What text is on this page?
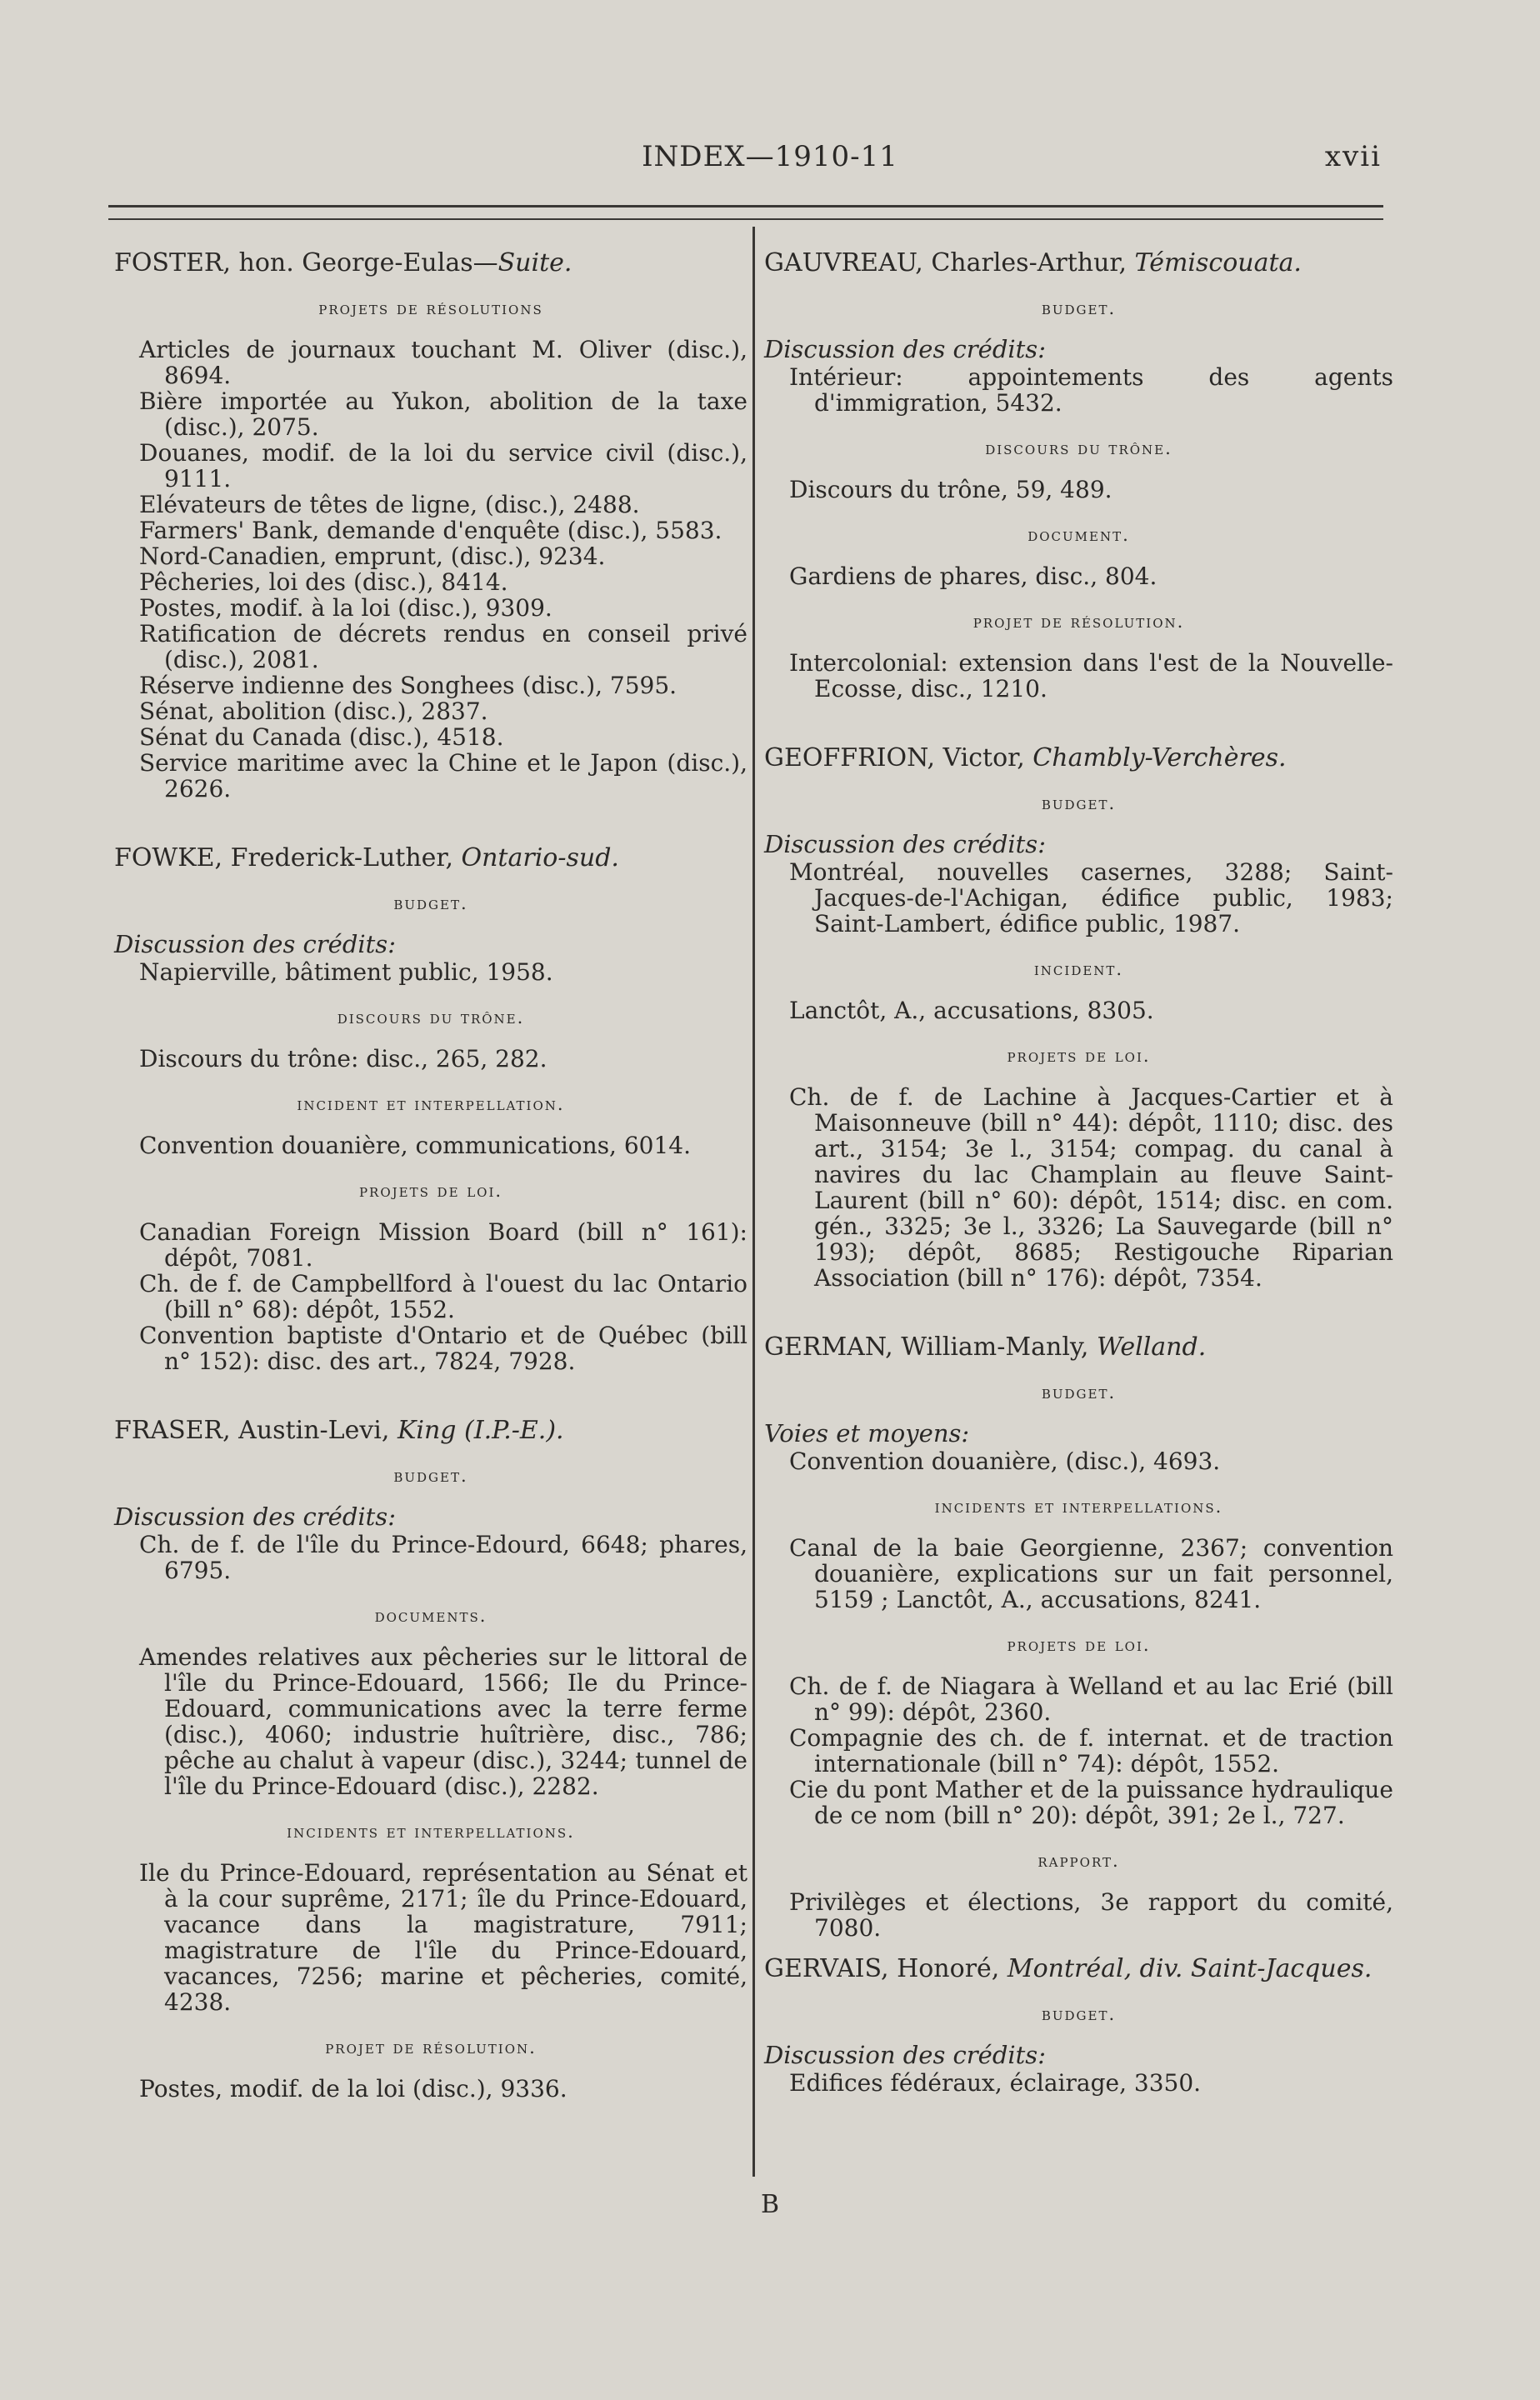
INDEX—1910-11	xvii
FOSTER, hon. George-Eulas—Suite.
projets de résolutions

Articles de journaux touchant M. Oliver (disc.), 8694.

Bière importée au Yukon, abolition de la taxe (disc.), 2075.

Douanes, modif. de la loi du service civil (disc.), 9111.

Elévateurs de têtes de ligne, (disc.), 2488.

Farmers' Bank, demande d'enquête (disc.), 5583.

Nord-Canadien, emprunt, (disc.), 9234.

Pêcheries, loi des (disc.), 8414.

Postes, modif. à la loi (disc.), 9309.

Ratification de décrets rendus en conseil privé (disc.), 2081.

Réserve indienne des Songhees (disc.), 7595.

Sénat, abolition (disc.), 2837.

Sénat du Canada (disc.), 4518.

Service maritime avec la Chine et le Japon (disc.), 2626.

FOWKE, Frederick-Luther, Ontario-sud.
budget.
Discussion des crédits:

Napierville, bâtiment public, 1958.

discours du trône.

Discours du trône: disc., 265, 282.

incident et interpellation.

Convention douanière, communications, 6014.

projets de loi.

Canadian Foreign Mission Board (bill n° 161): dépôt, 7081.

Ch. de f. de Campbellford à l'ouest du lac Ontario (bill n° 68): dépôt, 1552.

Convention baptiste d'Ontario et de Québec (bill n° 152): disc. des art., 7824, 7928.

FRASER, Austin-Levi, King (I.P.-E.).
budget.
Discussion des crédits:

Ch. de f. de l'île du Prince-Edourd, 6648; phares, 6795.

documents.

Amendes relatives aux pêcheries sur le littoral de l'île du Prince-Edouard, 1566; Ile du Prince-Edouard, communications avec la terre ferme (disc.), 4060; industrie huîtrière, disc., 786; pêche au chalut à vapeur (disc.), 3244; tunnel de l'île du Prince-Edouard (disc.), 2282.

incidents et interpellations.

Ile du Prince-Edouard, représentation au Sénat et à la cour suprême, 2171; île du Prince-Edouard, vacance dans la magistrature, 7911; magistrature de l'île du Prince-Edouard, vacances, 7256; marine et pêcheries, comité, 4238.

projet de résolution.

Postes, modif. de la loi (disc.), 9336.

GAUVREAU, Charles-Arthur, Témiscouata.
budget.
Discussion des crédits:

Intérieur: appointements des agents d'immigration, 5432.

discours du trône.

Discours du trône, 59, 489.

document.

Gardiens de phares, disc., 804.

projet de résolution.

Intercolonial: extension dans l'est de la Nouvelle-Ecosse, disc., 1210.

GEOFFRION, Victor, Chambly-Verchères.
budget.
Discussion des crédits:

Montréal, nouvelles casernes, 3288; Saint-Jacques-de-l'Achigan, édifice public, 1983; Saint-Lambert, édifice public, 1987.

incident.

Lanctôt, A., accusations, 8305.

projets de loi.

Ch. de f. de Lachine à Jacques-Cartier et à Maisonneuve (bill n° 44): dépôt, 1110; disc. des art., 3154; 3e l., 3154; compag. du canal à navires du lac Champlain au fleuve Saint-Laurent (bill n° 60): dépôt, 1514; disc. en com. gén., 3325; 3e l., 3326; La Sauvegarde (bill n° 193); dépôt, 8685; Restigouche Riparian Association (bill n° 176): dépôt, 7354.

GERMAN, William-Manly, Welland.
budget.
Voies et moyens:

Convention douanière, (disc.), 4693.

incidents et interpellations.

Canal de la baie Georgienne, 2367; convention douanière, explications sur un fait personnel, 5159 ; Lanctôt, A., accusations, 8241.

projets de loi.

Ch. de f. de Niagara à Welland et au lac Erié (bill n° 99): dépôt, 2360.

Compagnie des ch. de f. internat. et de traction internationale (bill n° 74): dépôt, 1552.

Cie du pont Mather et de la puissance hydraulique de ce nom (bill n° 20): dépôt, 391; 2e l., 727.

rapport.

Privilèges et élections, 3e rapport du comité, 7080.

GERVAIS, Honoré, Montréal, div. Saint-Jacques.
budget.
Discussion des crédits:

Edifices fédéraux, éclairage, 3350.

B
